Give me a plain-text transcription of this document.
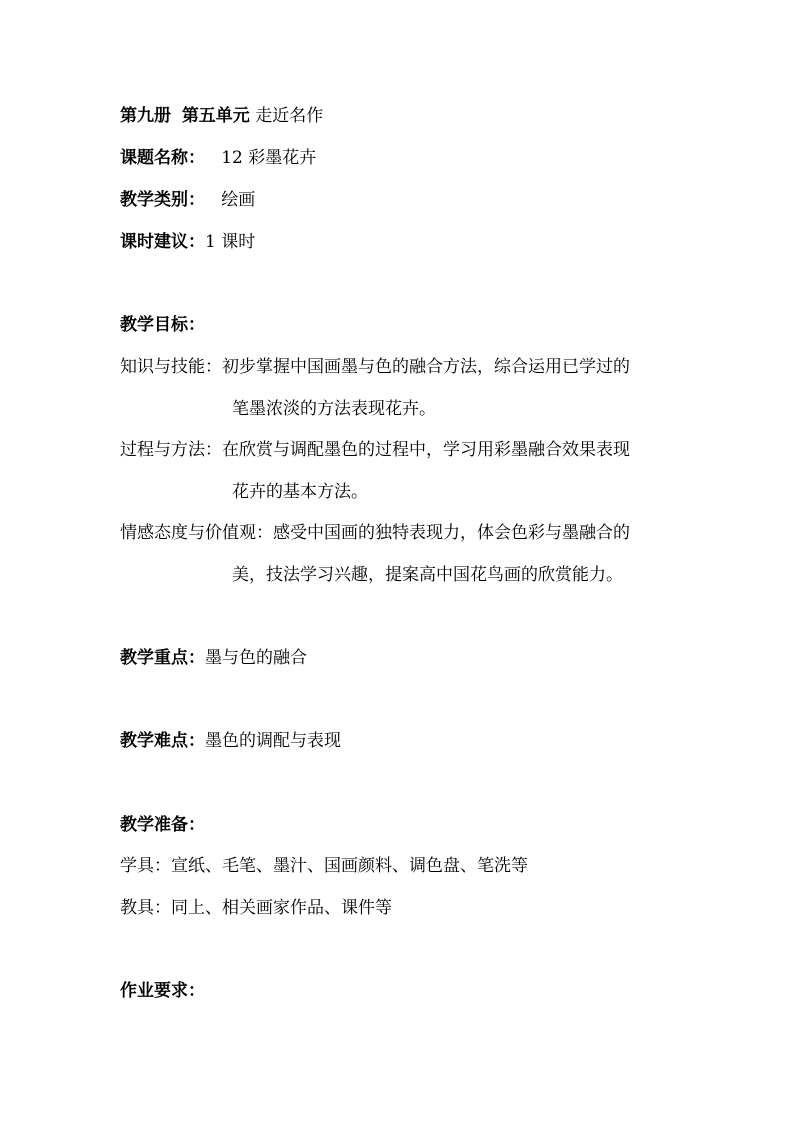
第九册 第五单元 走近名作
课题名称： 12 彩墨花卉
教学类别： 绘画
课时建议：1 课时
教学目标：
知识与技能：初步掌握中国画墨与色的融合方法，综合运用已学过的
笔墨浓淡的方法表现花卉。
过程与方法：在欣赏与调配墨色的过程中，学习用彩墨融合效果表现
花卉的基本方法。
情感态度与价值观：感受中国画的独特表现力，体会色彩与墨融合的
美，技法学习兴趣，提案高中国花鸟画的欣赏能力。
教学重点：墨与色的融合
教学难点：墨色的调配与表现
教学准备：
学具：宣纸、毛笔、墨汁、国画颜料、调色盘、笔洗等
教具：同上、相关画家作品、课件等
作业要求：
